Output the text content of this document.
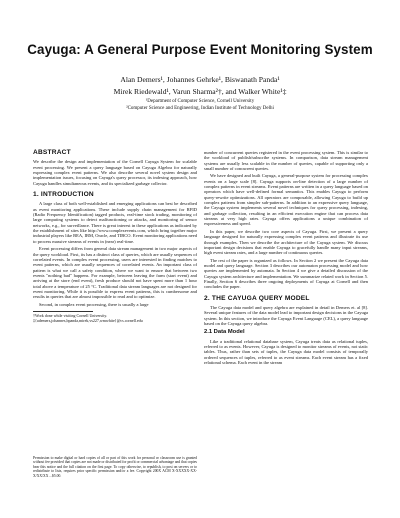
Cayuga: A General Purpose Event Monitoring System
Alan Demers¹, Johannes Gehrke¹, Biswanath Panda¹
Mirek Riedewald¹, Varun Sharma²†, and Walker White¹‡
¹Department of Computer Science, Cornell University
²Computer Science and Engineering, Indian Institute of Technology Delhi
ABSTRACT

We describe the design and implementation of the Cornell Cayuga System for scalable event processing. We present a query language based on Cayuga Algebra for naturally expressing complex event patterns. We also describe several novel system design and implementation issues, focusing on Cayuga's query processor, its indexing approach, how Cayuga handles simultaneous events, and its specialized garbage collector.

1. INTRODUCTION

A large class of both well-established and emerging applications can best be described as event monitoring applications. These include supply chain management for RFID (Radio Frequency Identification) tagged products, real-time stock trading, monitoring of large computing systems to detect malfunctioning or attacks, and monitoring of sensor networks, e.g., for surveillance. There is great interest in these applications as indicated by the establishment of sites like http://www.complexevents.com, which bring together major industrial players like BEA, IBM, Oracle, and TIBCO. Event monitoring applications need to process massive streams of events in (near) real-time.

Event processing differs from general data stream management in two major aspects of the query workload. First, its has a distinct class of queries, which are usually sequences of correlated events. In complex event processing, users are interested in finding matches to event patterns, which are usually sequences of correlated events. An important class of pattern is what we call a safety condition, where we want to ensure that between two events "nothing bad" happens. For example, between leaving the farm (start event) and arriving at the store (end event), fresh produce should not have spent more than 1 hour total above a temperature of 25 °C. Traditional data stream languages are not designed for event monitoring. While it is possible to express event patterns, this is cumbersome and results in queries that are almost impossible to read and to optimize.

Second, in complex event processing, there is usually a large

†Work done while visiting Cornell University.
‡{ademers,johannes,bpanda,mirek,vs227,wmwhite}@cs.cornell.edu
Permission to make digital or hard copies of all or part of this work for personal or classroom use is granted without fee provided that copies are not made or distributed for profit or commercial advantage and that copies bear this notice and the full citation on the first page. To copy otherwise, to republish, to post on servers or to redistribute to lists, requires prior specific permission and/or a fee. Copyright 200X ACM X-XXXXX-XX-X/XX/XX ...$5.00.

number of concurrent queries registered in the event processing system. This is similar to the workload of publish/subscribe systems. In comparison, data stream management systems are usually less scalable in the number of queries, capable of supporting only a small number of concurrent queries.

We have designed and built Cayuga, a general-purpose system for processing complex events on a large scale [8]. Cayuga supports on-line detection of a large number of complex patterns in event streams. Event patterns are written in a query language based on operators which have well-defined formal semantics. This enables Cayuga to perform query-rewrite optimizations. All operators are composable, allowing Cayuga to build up complex patterns from simpler sub-patterns. In addition to an expressive query language, the Cayuga system implements several novel techniques for query processing, indexing, and garbage collection, resulting in an efficient execution engine that can process data streams at very high rates. Cayuga offers applications a unique combination of expressiveness and speed.

In this paper, we describe two core aspects of Cayuga. First, we present a query language designed for naturally expressing complex event patterns and illustrate its use through examples. Then we describe the architecture of the Cayuga system. We discuss important design decisions that enable Cayuga to gracefully handle many input streams, high event stream rates, and a large number of continuous queries.

The rest of the paper is organized as follows. In Section 2 we present the Cayuga data model and query language. Section 3 describes our automaton processing model and how queries are implemented by automata. In Section 4 we give a detailed discussion of the Cayuga system architecture and implementation. We summarize related work in Section 5. Finally, Section 6 describes three ongoing deployments of Cayuga at Cornell and then concludes the paper.

2. THE CAYUGA QUERY MODEL

The Cayuga data model and query algebra are explained in detail in Demers et. al [8]. Several unique features of the data model lead to important design decisions in the Cayuga system. In this section, we introduce the Cayuga Event Language (CEL), a query language based on the Cayuga query algebra.

2.1 Data Model

Like a traditional relational database system, Cayuga treats data as relational tuples, referred to as events. However, Cayuga is designed to monitor streams of events, not static tables. Thus, rather than sets of tuples, the Cayuga data model consists of temporally ordered sequences of tuples, referred to as event streams. Each event stream has a fixed relational schema. Each event in the stream
